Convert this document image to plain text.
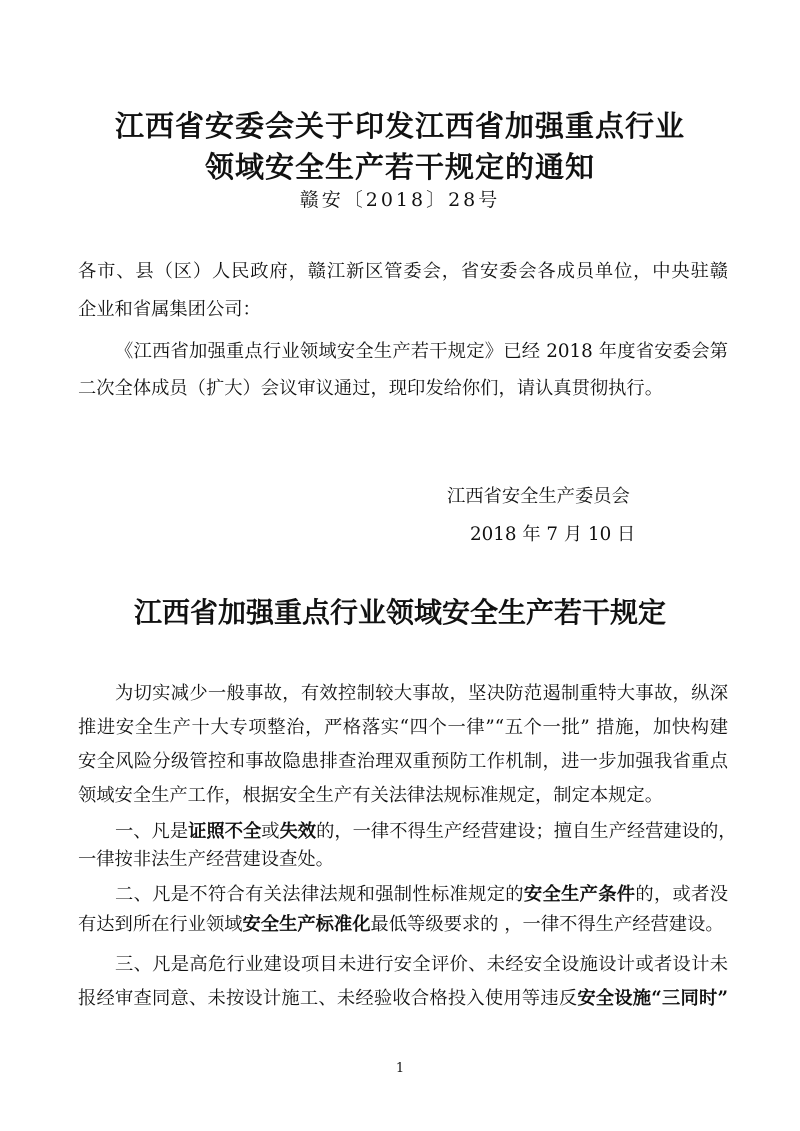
江西省安委会关于印发江西省加强重点行业
领域安全生产若干规定的通知
赣安〔2018〕28号
各市、县（区）人民政府，赣江新区管委会，省安委会各成员单位，中央驻赣
企业和省属集团公司：
《江西省加强重点行业领域安全生产若干规定》已经 2018 年度省安委会第
二次全体成员（扩大）会议审议通过，现印发给你们，请认真贯彻执行。
江西省安全生产委员会
2018 年 7 月 10 日
江西省加强重点行业领域安全生产若干规定
为切实减少一般事故，有效控制较大事故，坚决防范遏制重特大事故，纵深
推进安全生产十大专项整治，严格落实“四个一律”“五个一批” 措施，加快构建
安全风险分级管控和事故隐患排查治理双重预防工作机制，进一步加强我省重点
领域安全生产工作，根据安全生产有关法律法规标准规定，制定本规定。
一、凡是证照不全或失效的，一律不得生产经营建设；擅自生产经营建设的，
一律按非法生产经营建设查处。
二、凡是不符合有关法律法规和强制性标准规定的安全生产条件的，或者没
有达到所在行业领域安全生产标准化最低等级要求的 ，一律不得生产经营建设。
三、凡是高危行业建设项目未进行安全评价、未经安全设施设计或者设计未
报经审查同意、未按设计施工、未经验收合格投入使用等违反安全设施“三同时”
1
